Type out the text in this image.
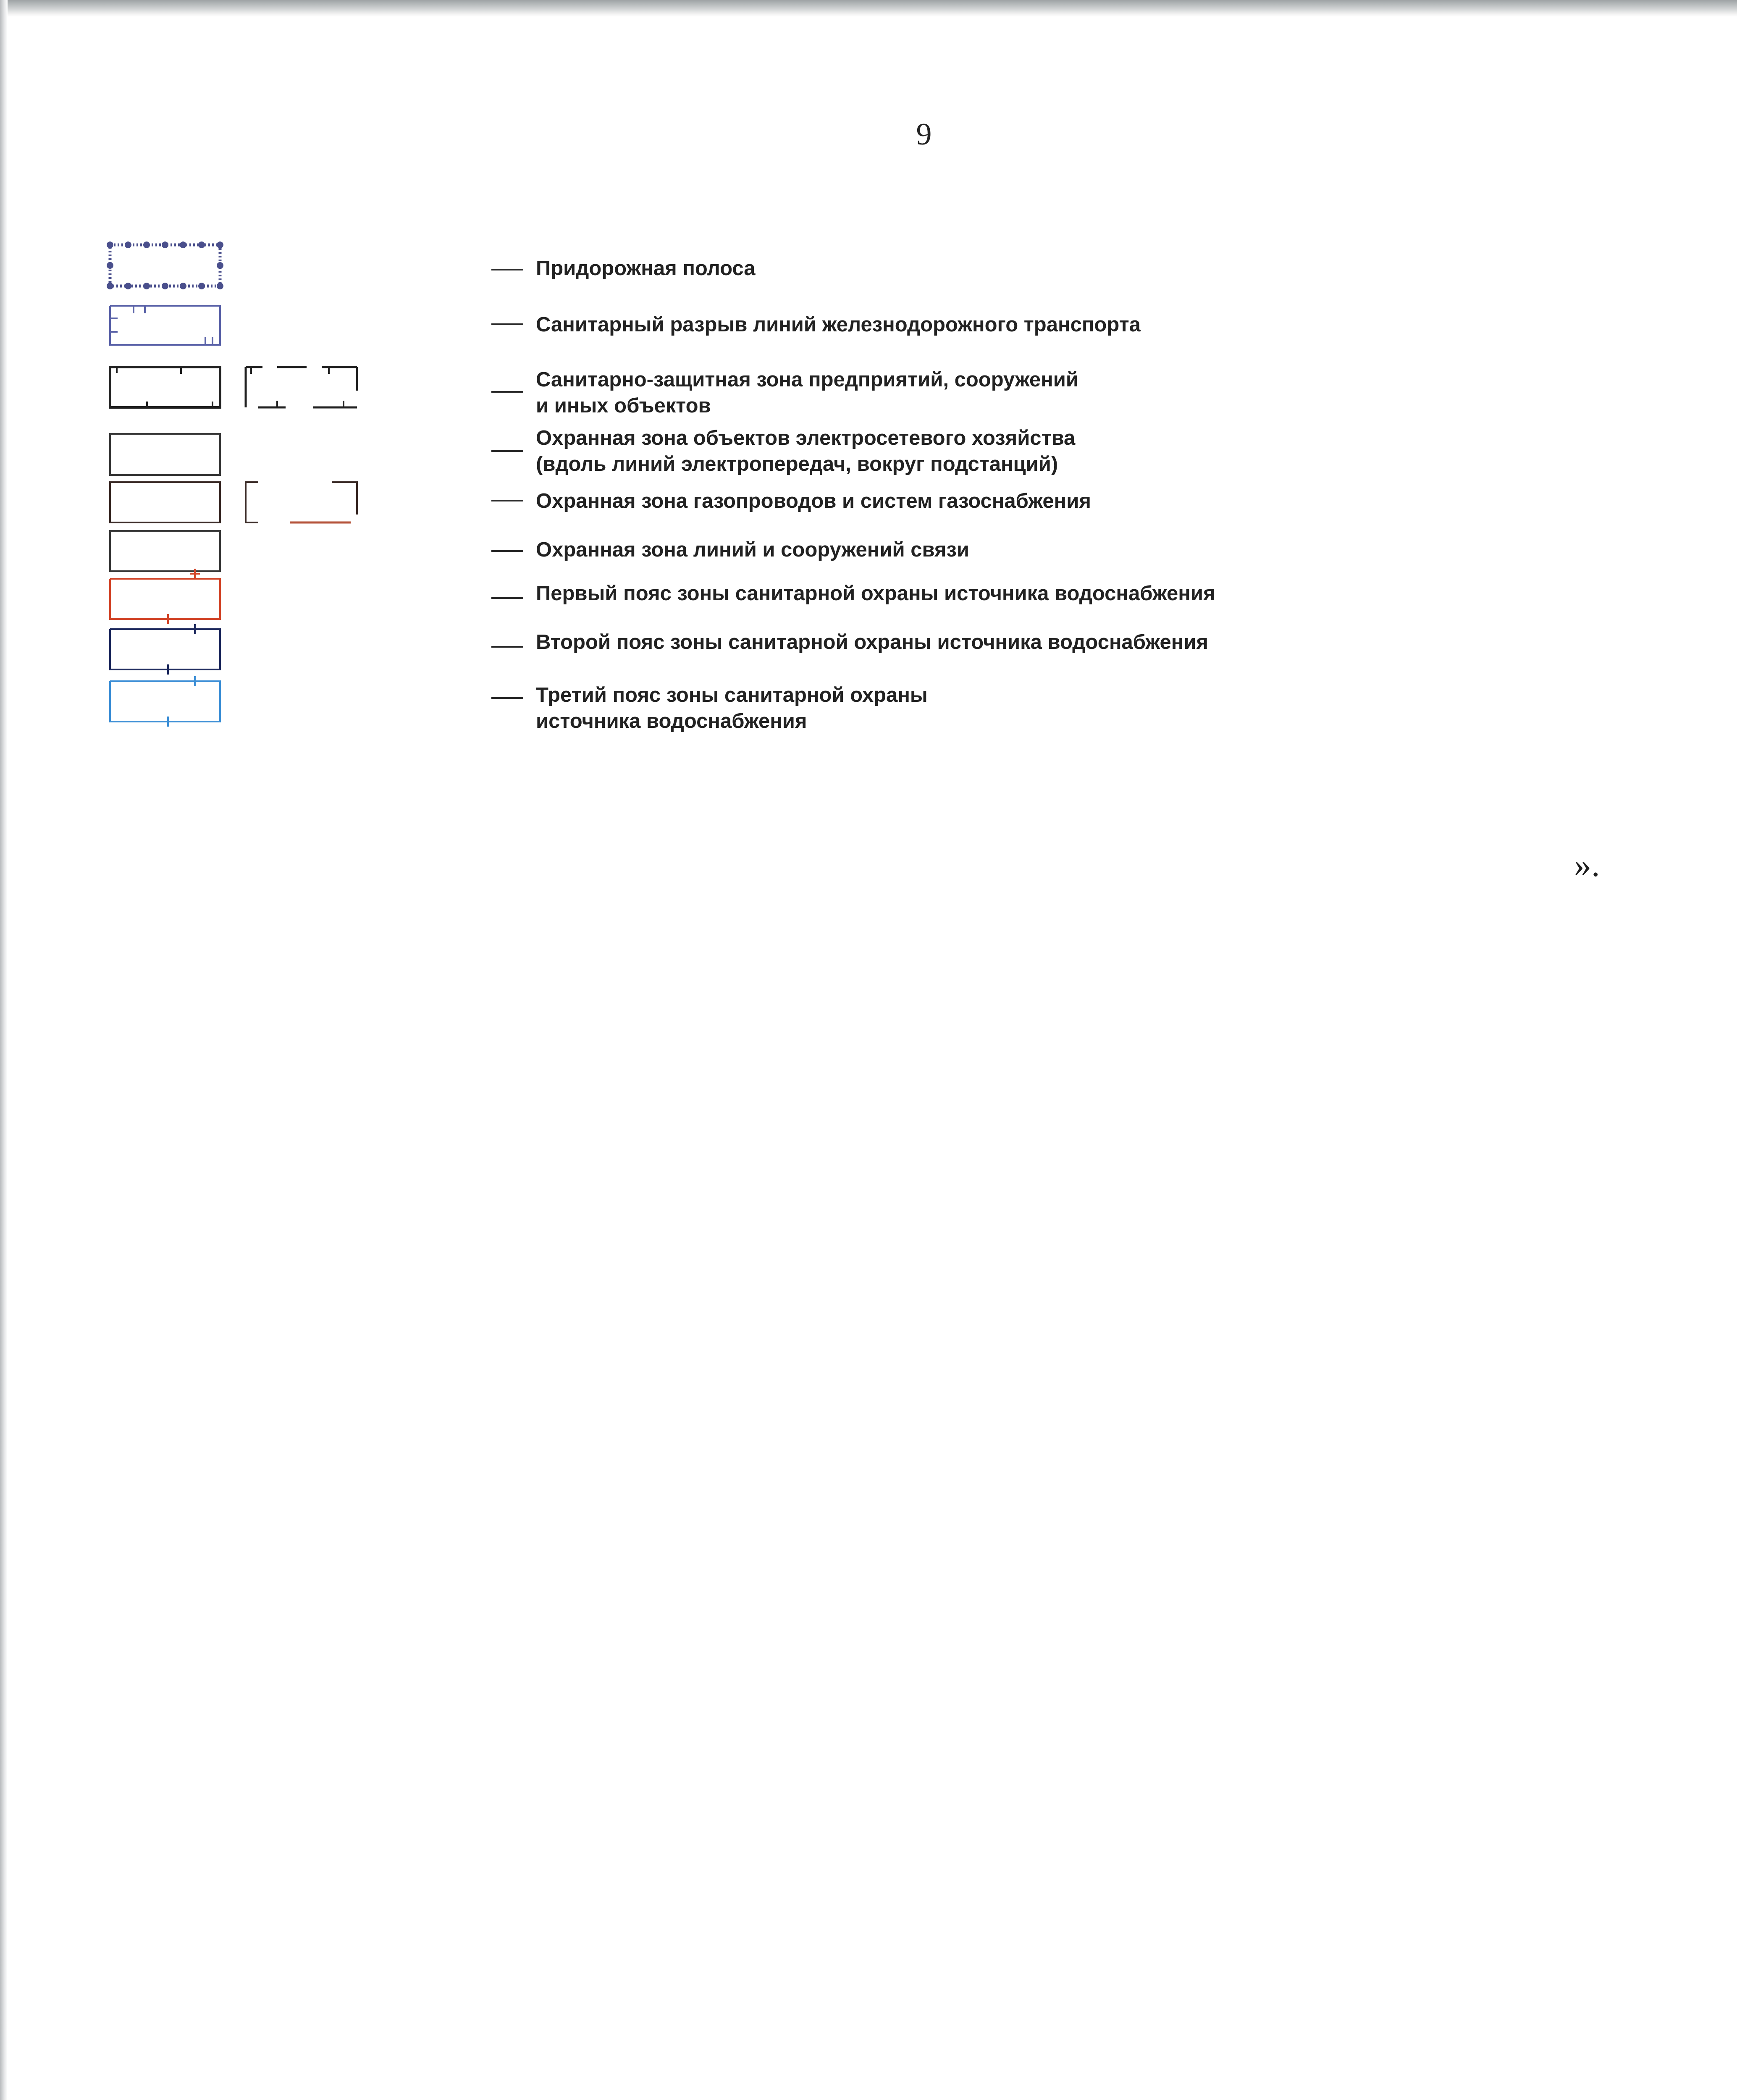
9

Придорожная полоса

Санитарный разрыв линий железнодорожного транспорта

Санитарно-защитная зона предприятий, сооружений
и иных объектов

Охранная зона объектов электросетевого хозяйства
(вдоль линий электропередач, вокруг подстанций)

Охранная зона газопроводов и систем газоснабжения

Охранная зона линий и сооружений связи

Первый пояс зоны санитарной охраны источника водоснабжения

Второй пояс зоны санитарной охраны источника водоснабжения

Третий пояс зоны санитарной охраны
источника водоснабжения

».
